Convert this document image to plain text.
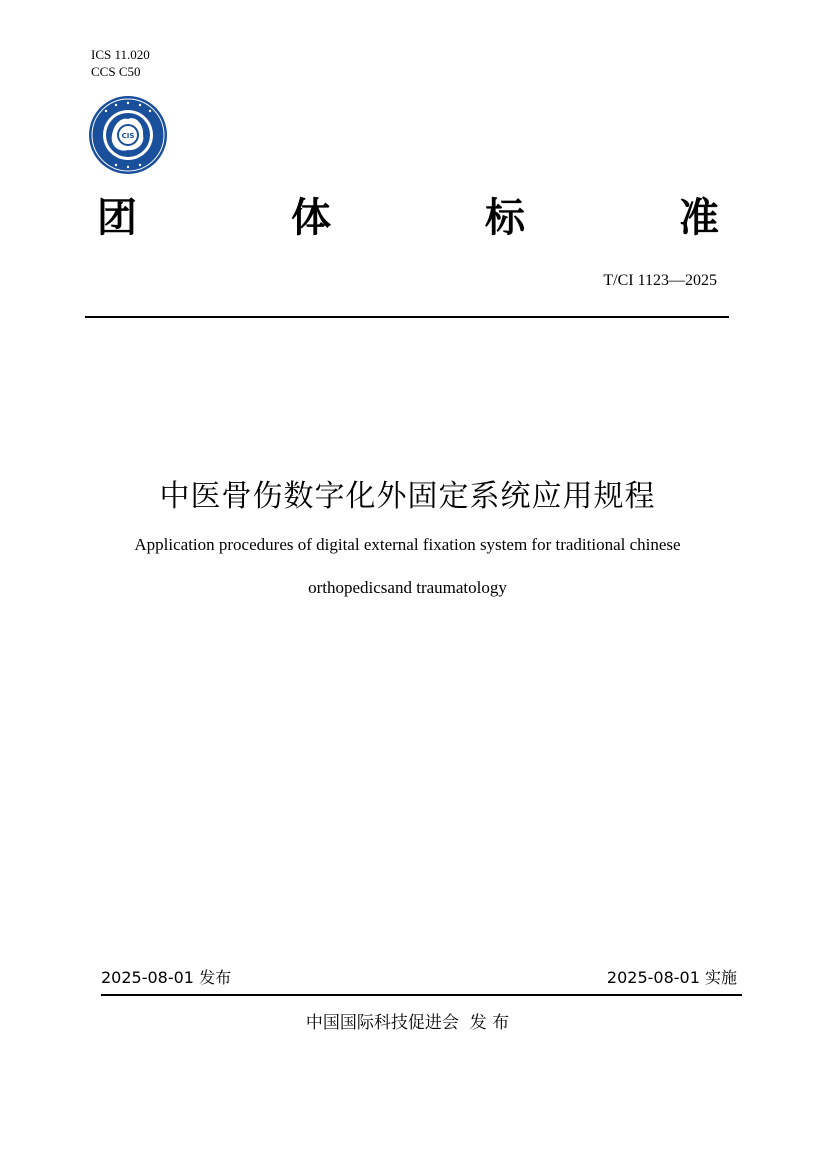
ICS 11.020
CCS C50
CIS
团	体	标	准
T/CI 1123—2025
中医骨伤数字化外固定系统应用规程
Application procedures of digital external fixation system for traditional chinese
orthopedicsand traumatology
2025-08-01 发布	2025-08-01 实施
中国国际科技促进会  发 布
